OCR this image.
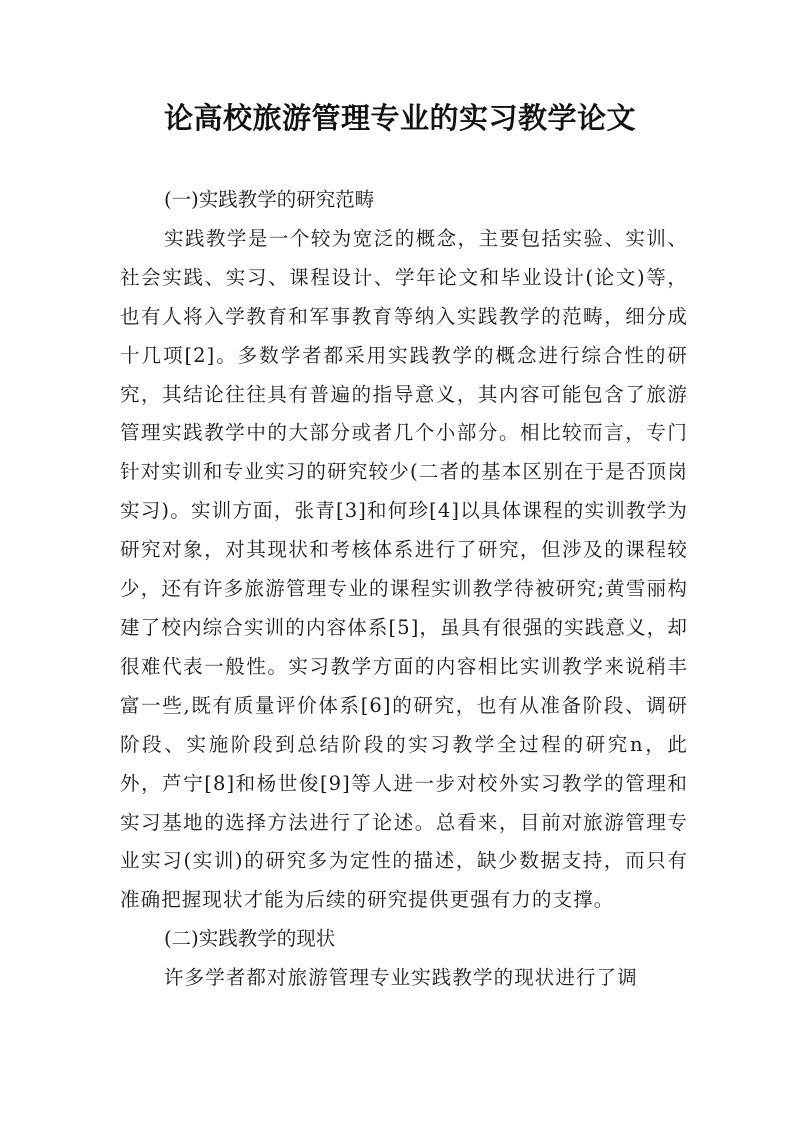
论高校旅游管理专业的实习教学论文

(一)实践教学的研究范畴

实践教学是一个较为宽泛的概念，主要包括实验、实训、社会实践、实习、课程设计、学年论文和毕业设计(论文)等，也有人将入学教育和军事教育等纳入实践教学的范畴，细分成十几项[2]。多数学者都采用实践教学的概念进行综合性的研究，其结论往往具有普遍的指导意义，其内容可能包含了旅游管理实践教学中的大部分或者几个小部分。相比较而言，专门针对实训和专业实习的研究较少(二者的基本区别在于是否顶岗实习)。实训方面，张青[3]和何珍[4]以具体课程的实训教学为研究对象，对其现状和考核体系进行了研究，但涉及的课程较少，还有许多旅游管理专业的课程实训教学待被研究;黄雪丽构建了校内综合实训的内容体系[5]，虽具有很强的实践意义，却很难代表一般性。实习教学方面的内容相比实训教学来说稍丰富一些,既有质量评价体系[6]的研究，也有从准备阶段、调研阶段、实施阶段到总结阶段的实习教学全过程的研究n，此外，芦宁[8]和杨世俊[9]等人进一步对校外实习教学的管理和实习基地的选择方法进行了论述。总看来，目前对旅游管理专业实习(实训)的研究多为定性的描述，缺少数据支持，而只有准确把握现状才能为后续的研究提供更强有力的支撑。

(二)实践教学的现状

许多学者都对旅游管理专业实践教学的现状进行了调
